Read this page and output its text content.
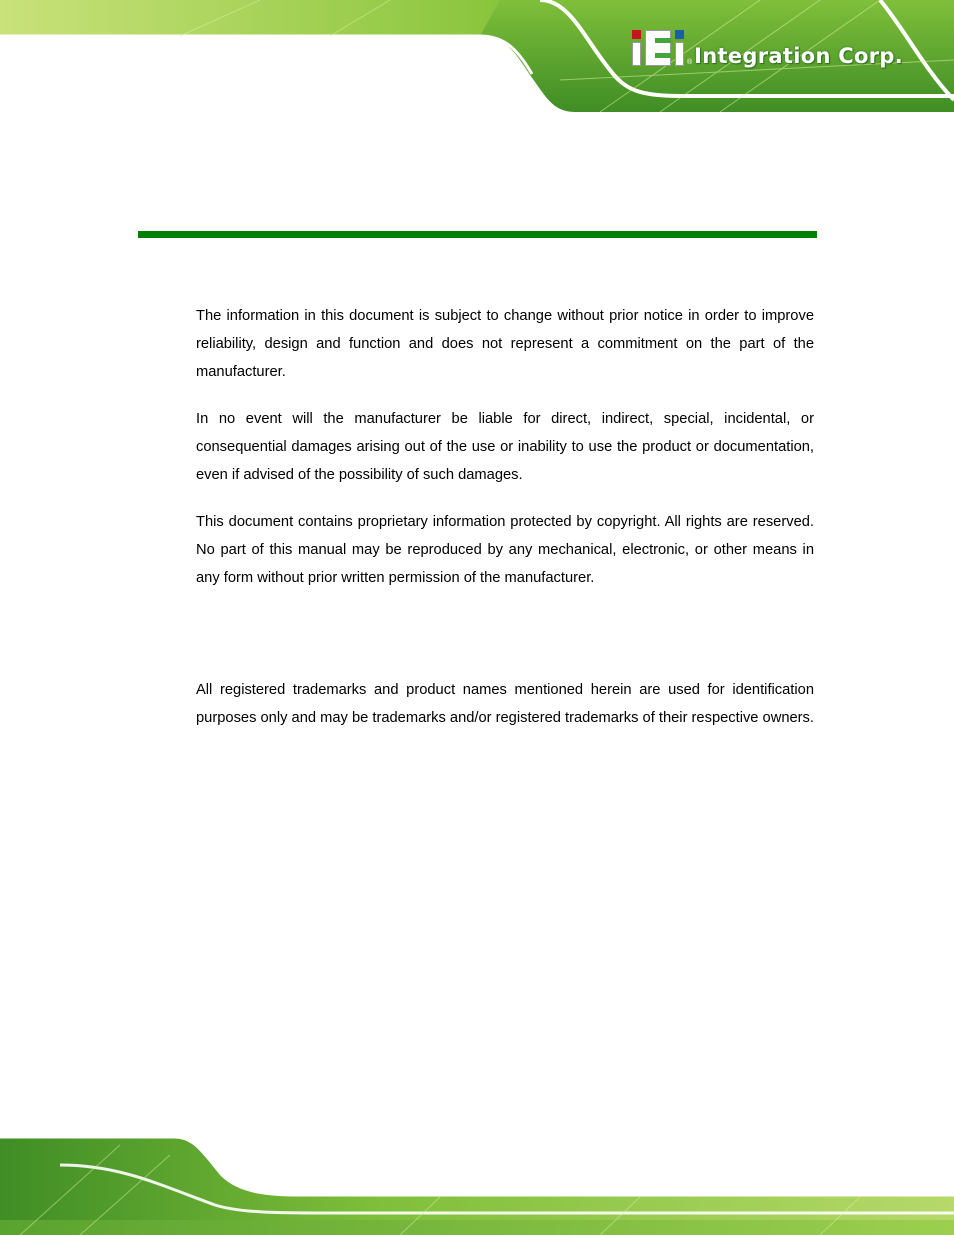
® Integration Corp.

The information in this document is subject to change without prior notice in order to improve reliability, design and function and does not represent a commitment on the part of the manufacturer.

In no event will the manufacturer be liable for direct, indirect, special, incidental, or consequential damages arising out of the use or inability to use the product or documentation, even if advised of the possibility of such damages.

This document contains proprietary information protected by copyright. All rights are reserved. No part of this manual may be reproduced by any mechanical, electronic, or other means in any form without prior written permission of the manufacturer.

All registered trademarks and product names mentioned herein are used for identification purposes only and may be trademarks and/or registered trademarks of their respective owners.
